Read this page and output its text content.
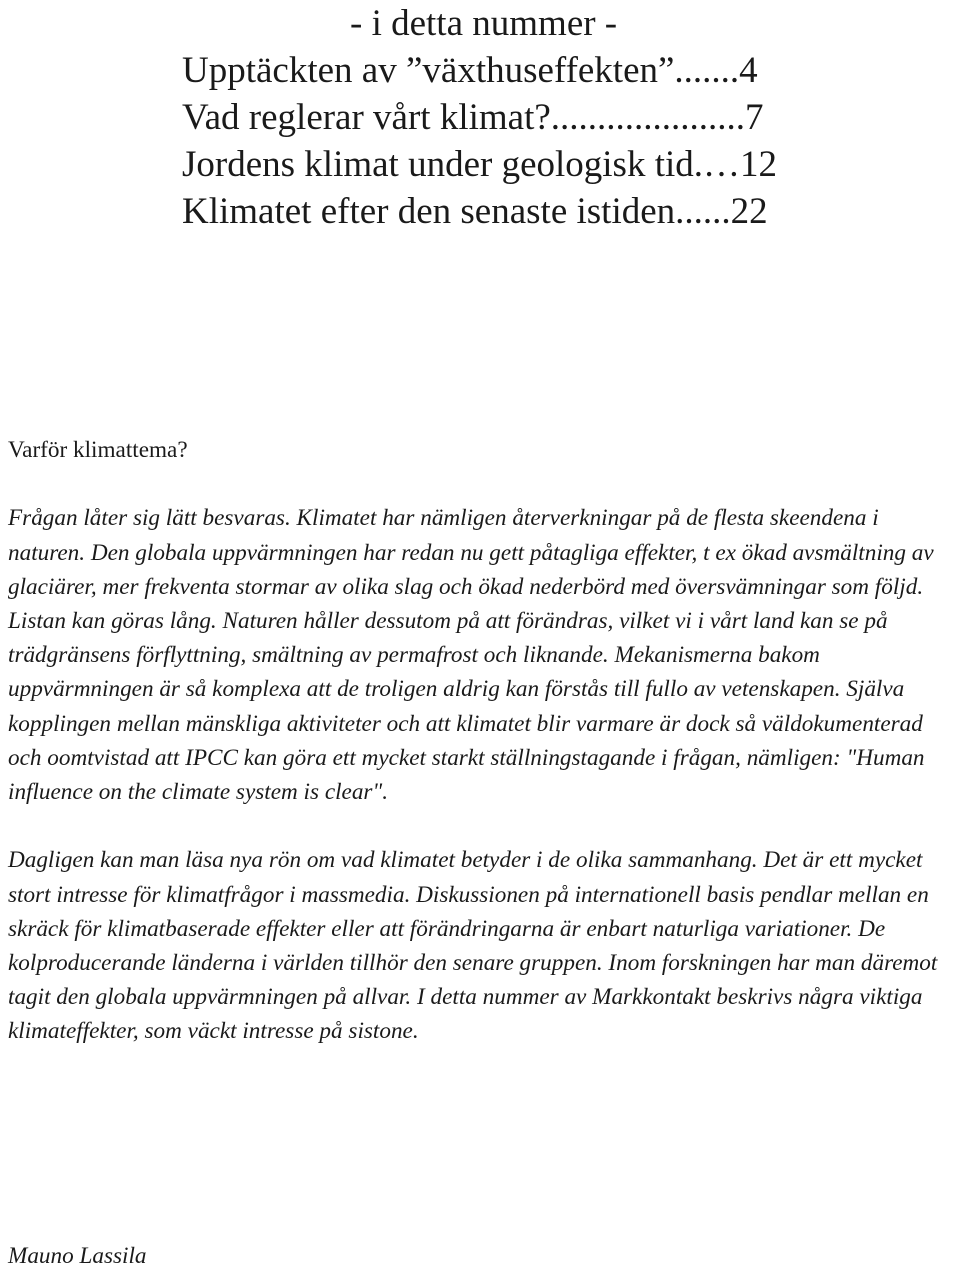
- i detta nummer -
Upptäckten av ”växthuseffekten”.......4
Vad reglerar vårt klimat?.....................7
Jordens klimat under geologisk tid.…12
Klimatet efter den senaste istiden......22

Varför klimattema?

Frågan låter sig lätt besvaras. Klimatet har nämligen återverkningar på de flesta skeendena i naturen. Den globala uppvärmningen har redan nu gett påtagliga effekter, t ex ökad avsmältning av glaciärer, mer frekventa stormar av olika slag och ökad nederbörd med översvämningar som följd. Listan kan göras lång. Naturen håller dessutom på att förändras, vilket vi i vårt land kan se på trädgränsens förflyttning, smältning av permafrost och liknande. Mekanismerna bakom uppvärmningen är så komplexa att de troligen aldrig kan förstås till fullo av vetenskapen. Själva kopplingen mellan mänskliga aktiviteter och att klimatet blir varmare är dock så väldokumenterad och oomtvistad att IPCC kan göra ett mycket starkt ställningstagande i frågan, nämligen: "Human influence on the climate system is clear".

Dagligen kan man läsa nya rön om vad klimatet betyder i de olika sammanhang. Det är ett mycket stort intresse för klimatfrågor i massmedia. Diskussionen på internationell basis pendlar mellan en skräck för klimatbaserade effekter eller att förändringarna är enbart naturliga variationer. De kolproducerande länderna i världen tillhör den senare gruppen. Inom forskningen har man däremot tagit den globala uppvärmningen på allvar. I detta nummer av Markkontakt beskrivs några viktiga klimateffekter, som väckt intresse på sistone.

Mauno Lassila
